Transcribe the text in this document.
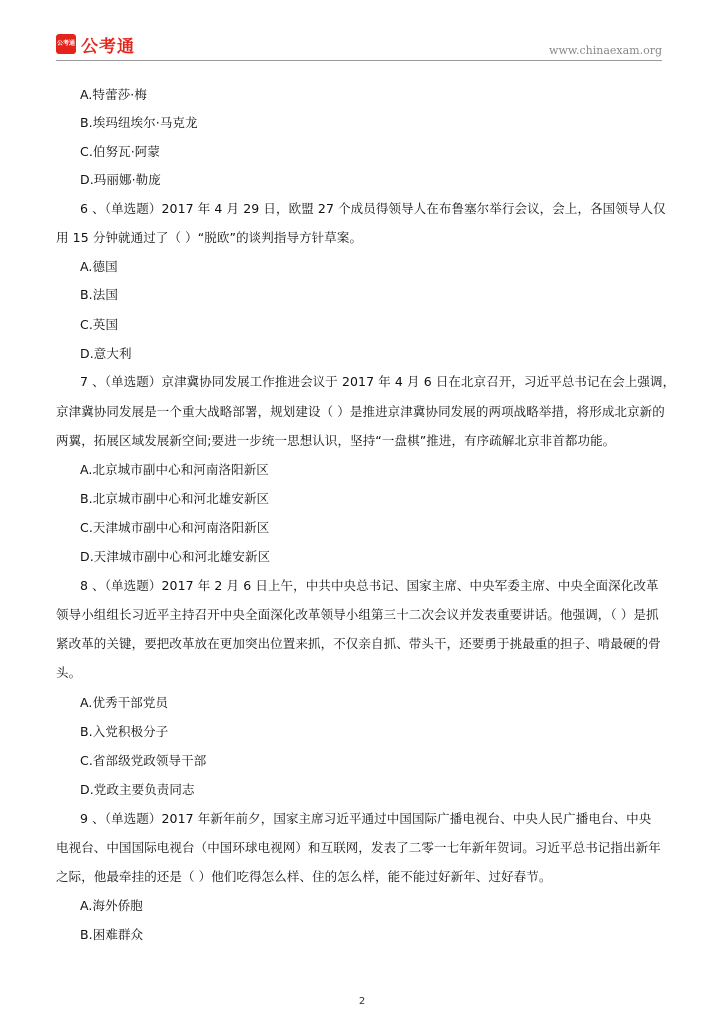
公考通 公考通	www.chinaexam.org
A.特蕾莎·梅
B.埃玛纽埃尔·马克龙
C.伯努瓦·阿蒙
D.玛丽娜·勒庞
6 、（单选题）2017 年 4 月 29 日，欧盟 27 个成员得领导人在布鲁塞尔举行会议，会上，各国领导人仅
用 15 分钟就通过了（ ）“脱欧”的谈判指导方针草案。
A.德国
B.法国
C.英国
D.意大利
7 、（单选题）京津冀协同发展工作推进会议于 2017 年 4 月 6 日在北京召开，习近平总书记在会上强调，
京津冀协同发展是一个重大战略部署，规划建设（ ）是推进京津冀协同发展的两项战略举措，将形成北京新的
两翼，拓展区域发展新空间;要进一步统一思想认识，坚持“一盘棋”推进，有序疏解北京非首都功能。
A.北京城市副中心和河南洛阳新区
B.北京城市副中心和河北雄安新区
C.天津城市副中心和河南洛阳新区
D.天津城市副中心和河北雄安新区
8 、（单选题）2017 年 2 月 6 日上午，中共中央总书记、国家主席、中央军委主席、中央全面深化改革
领导小组组长习近平主持召开中央全面深化改革领导小组第三十二次会议并发表重要讲话。他强调，（ ）是抓
紧改革的关键，要把改革放在更加突出位置来抓，不仅亲自抓、带头干，还要勇于挑最重的担子、啃最硬的骨
头。
A.优秀干部党员
B.入党积极分子
C.省部级党政领导干部
D.党政主要负责同志
9 、（单选题）2017 年新年前夕，国家主席习近平通过中国国际广播电视台、中央人民广播电台、中央
电视台、中国国际电视台（中国环球电视网）和互联网，发表了二零一七年新年贺词。习近平总书记指出新年
之际，他最牵挂的还是（ ）他们吃得怎么样、住的怎么样，能不能过好新年、过好春节。
A.海外侨胞
B.困难群众
2
